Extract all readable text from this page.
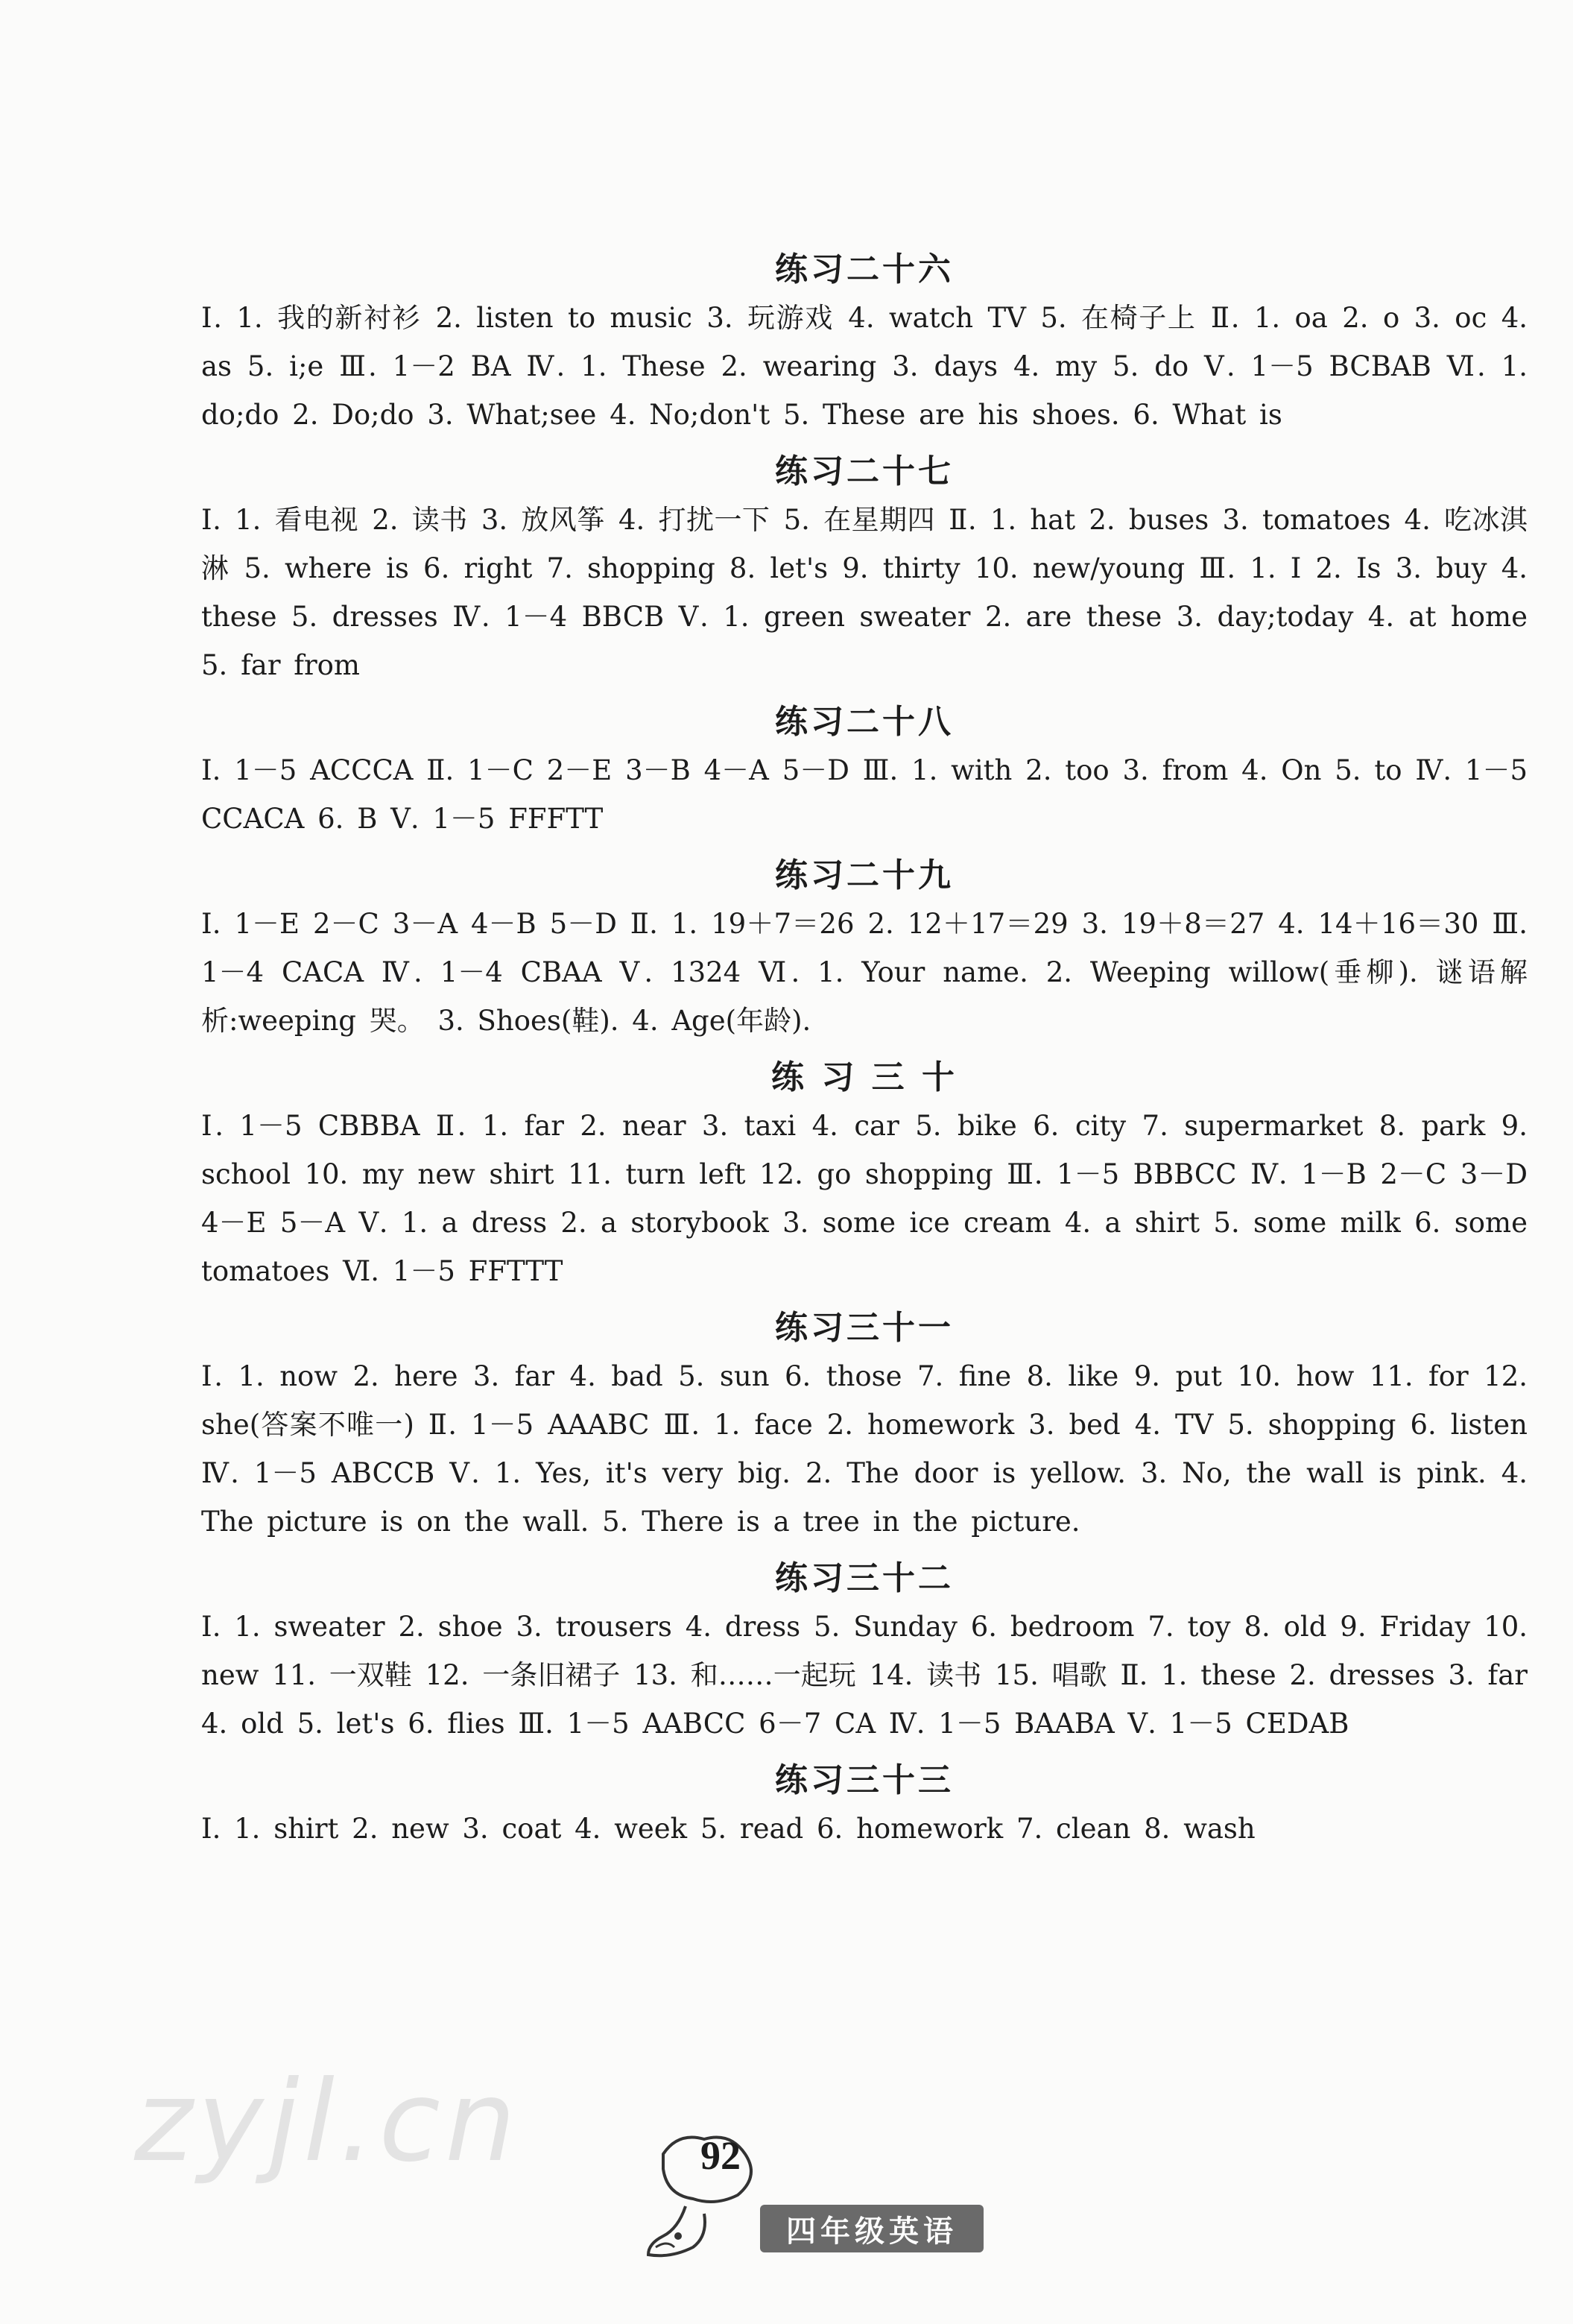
练习二十六

Ⅰ. 1. 我的新衬衫 2. listen to music 3. 玩游戏 4. watch TV 5. 在椅子上 Ⅱ. 1. oa 2. o 3. oc 4. as 5. i;e Ⅲ. 1－2 BA Ⅳ. 1. These 2. wearing 3. days 4. my 5. do Ⅴ. 1－5 BCBAB Ⅵ. 1. do;do 2. Do;do 3. What;see 4. No;don't 5. These are his shoes. 6. What is

练习二十七

Ⅰ. 1. 看电视 2. 读书 3. 放风筝 4. 打扰一下 5. 在星期四 Ⅱ. 1. hat 2. buses 3. tomatoes 4. 吃冰淇淋 5. where is 6. right 7. shopping 8. let's 9. thirty 10. new/young Ⅲ. 1. I 2. Is 3. buy 4. these 5. dresses Ⅳ. 1－4 BBCB Ⅴ. 1. green sweater 2. are these 3. day;today 4. at home 5. far from

练习二十八

Ⅰ. 1－5 ACCCA Ⅱ. 1－C 2－E 3－B 4－A 5－D Ⅲ. 1. with 2. too 3. from 4. On 5. to Ⅳ. 1－5 CCACA 6. B Ⅴ. 1－5 FFFTT

练习二十九

Ⅰ. 1－E 2－C 3－A 4－B 5－D Ⅱ. 1. 19＋7＝26 2. 12＋17＝29 3. 19＋8＝27 4. 14＋16＝30 Ⅲ. 1－4 CACA Ⅳ. 1－4 CBAA Ⅴ. 1324 Ⅵ. 1. Your name. 2. Weeping willow(垂柳). 谜语解析:weeping 哭。 3. Shoes(鞋). 4. Age(年龄).

练 习 三 十

Ⅰ. 1－5 CBBBA Ⅱ. 1. far 2. near 3. taxi 4. car 5. bike 6. city 7. supermarket 8. park 9. school 10. my new shirt 11. turn left 12. go shopping Ⅲ. 1－5 BBBCC Ⅳ. 1－B 2－C 3－D 4－E 5－A Ⅴ. 1. a dress 2. a storybook 3. some ice cream 4. a shirt 5. some milk 6. some tomatoes Ⅵ. 1－5 FFTTT

练习三十一

Ⅰ. 1. now 2. here 3. far 4. bad 5. sun 6. those 7. fine 8. like 9. put 10. how 11. for 12. she(答案不唯一) Ⅱ. 1－5 AAABC Ⅲ. 1. face 2. homework 3. bed 4. TV 5. shopping 6. listen Ⅳ. 1－5 ABCCB Ⅴ. 1. Yes, it's very big. 2. The door is yellow. 3. No, the wall is pink. 4. The picture is on the wall. 5. There is a tree in the picture.

练习三十二

Ⅰ. 1. sweater 2. shoe 3. trousers 4. dress 5. Sunday 6. bedroom 7. toy 8. old 9. Friday 10. new 11. 一双鞋 12. 一条旧裙子 13. 和……一起玩 14. 读书 15. 唱歌 Ⅱ. 1. these 2. dresses 3. far 4. old 5. let's 6. flies Ⅲ. 1－5 AABCC 6－7 CA Ⅳ. 1－5 BAABA Ⅴ. 1－5 CEDAB

练习三十三

Ⅰ. 1. shirt 2. new 3. coat 4. week 5. read 6. homework 7. clean 8. wash

zyjl.cn	92
四年级英语
